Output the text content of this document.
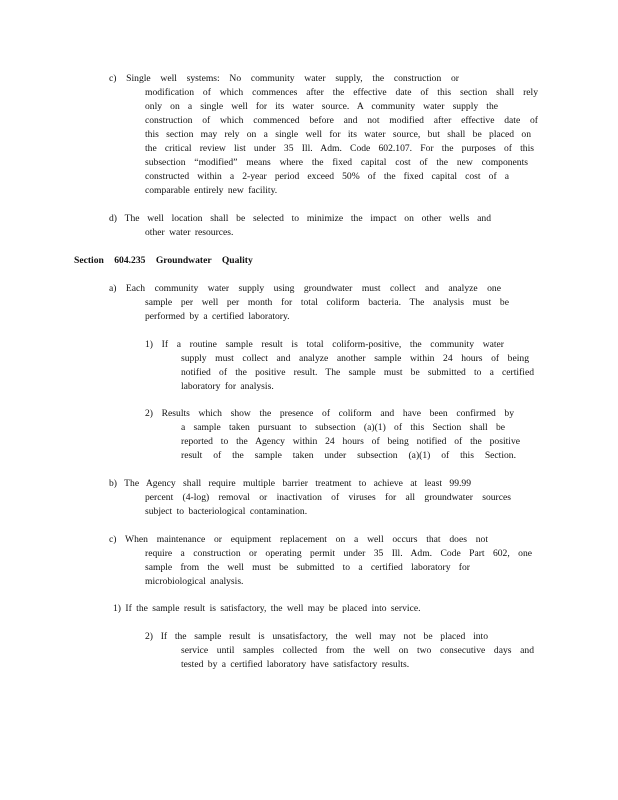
c) Single well systems: No community water supply, the construction or
modification of which commences after the effective date of this section shall rely
only on a single well for its water source. A community water supply the
construction of which commenced before and not modified after effective date of
this section may rely on a single well for its water source, but shall be placed on
the critical review list under 35 Ill. Adm. Code 602.107. For the purposes of this
subsection “modified” means where the fixed capital cost of the new components
constructed within a 2-year period exceed 50% of the fixed capital cost of a
comparable entirely new facility.
d) The well location shall be selected to minimize the impact on other wells and
other water resources.
Section 604.235 Groundwater Quality
a) Each community water supply using groundwater must collect and analyze one
sample per well per month for total coliform bacteria. The analysis must be
performed by a certified laboratory.
1) If a routine sample result is total coliform-positive, the community water
supply must collect and analyze another sample within 24 hours of being
notified of the positive result. The sample must be submitted to a certified
laboratory for analysis.
2) Results which show the presence of coliform and have been confirmed by
a sample taken pursuant to subsection (a)(1) of this Section shall be
reported to the Agency within 24 hours of being notified of the positive
result of the sample taken under subsection (a)(1) of this Section.
b) The Agency shall require multiple barrier treatment to achieve at least 99.99
percent (4-log) removal or inactivation of viruses for all groundwater sources
subject to bacteriological contamination.
c) When maintenance or equipment replacement on a well occurs that does not
require a construction or operating permit under 35 Ill. Adm. Code Part 602, one
sample from the well must be submitted to a certified laboratory for
microbiological analysis.
1) If the sample result is satisfactory, the well may be placed into service.
2) If the sample result is unsatisfactory, the well may not be placed into
service until samples collected from the well on two consecutive days and
tested by a certified laboratory have satisfactory results.
